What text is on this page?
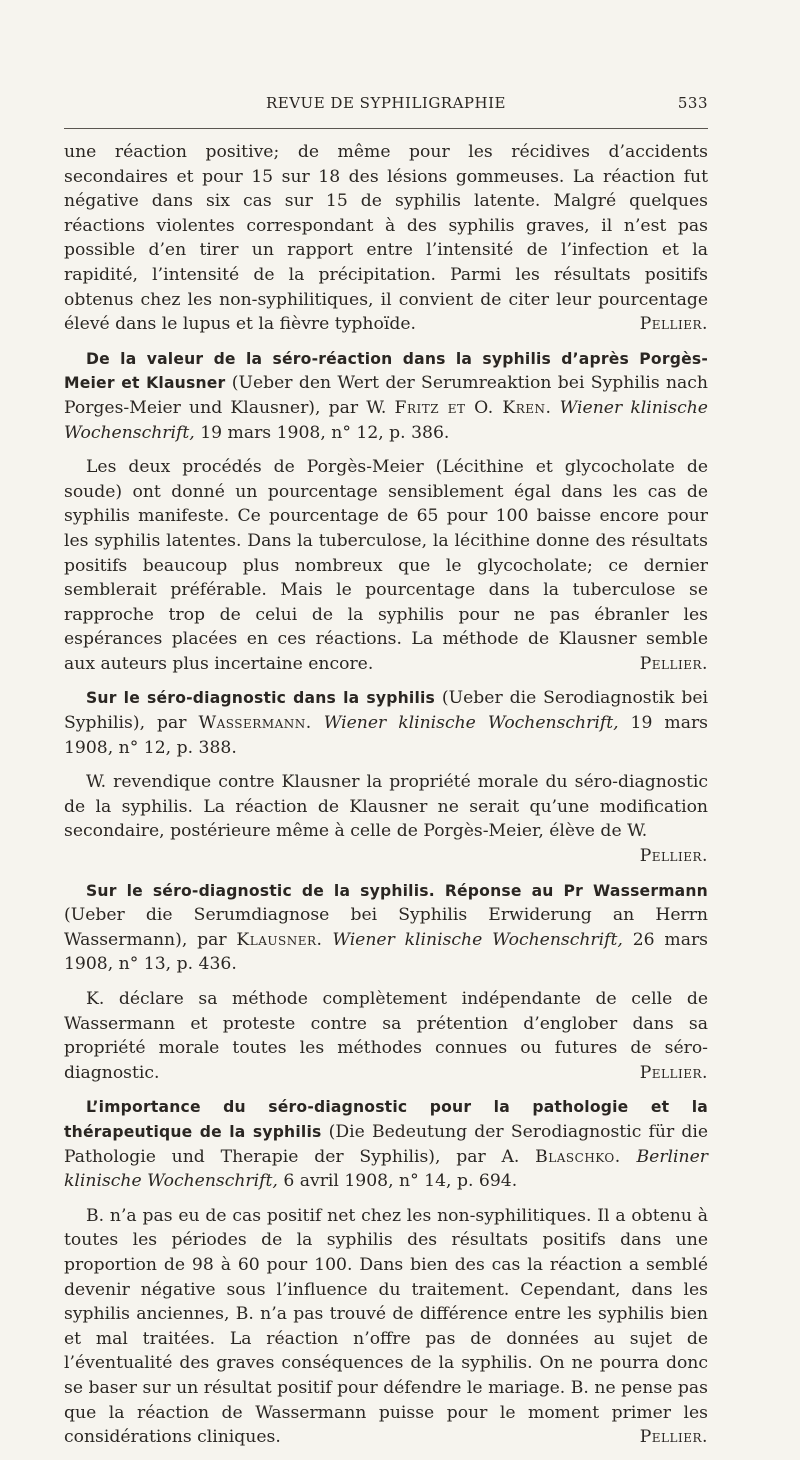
REVUE DE SYPHILIGRAPHIE	533

une réaction positive; de même pour les récidives d’accidents secondaires et pour 15 sur 18 des lésions gommeuses. La réaction fut négative dans six cas sur 15 de syphilis latente. Malgré quelques réactions violentes correspondant à des syphilis graves, il n’est pas possible d’en tirer un rapport entre l’intensité de l’infection et la rapidité, l’intensité de la précipitation. Parmi les résultats positifs obtenus chez les non-syphilitiques, il convient de citer leur pourcentage élevé dans le lupus et la fièvre typhoïde.	Pellier.

De la valeur de la séro-réaction dans la syphilis d’après Porgès-Meier et Klausner (Ueber den Wert der Serumreaktion bei Syphilis nach Porges-Meier und Klausner), par W. Fritz et O. Kren. Wiener klinische Wochenschrift, 19 mars 1908, n° 12, p. 386.

Les deux procédés de Porgès-Meier (Lécithine et glycocholate de soude) ont donné un pourcentage sensiblement égal dans les cas de syphilis manifeste. Ce pourcentage de 65 pour 100 baisse encore pour les syphilis latentes. Dans la tuberculose, la lécithine donne des résultats positifs beaucoup plus nombreux que le glycocholate; ce dernier semblerait préférable. Mais le pourcentage dans la tuberculose se rapproche trop de celui de la syphilis pour ne pas ébranler les espérances placées en ces réactions. La méthode de Klausner semble aux auteurs plus incertaine encore.	Pellier.

Sur le séro-diagnostic dans la syphilis (Ueber die Serodiagnostik bei Syphilis), par Wassermann. Wiener klinische Wochenschrift, 19 mars 1908, n° 12, p. 388.

W. revendique contre Klausner la propriété morale du séro-diagnostic de la syphilis. La réaction de Klausner ne serait qu’une modification secondaire, postérieure même à celle de Porgès-Meier, élève de W.
Pellier.

Sur le séro-diagnostic de la syphilis. Réponse au Pr Wassermann (Ueber die Serumdiagnose bei Syphilis Erwiderung an Herrn Wassermann), par Klausner. Wiener klinische Wochenschrift, 26 mars 1908, n° 13, p. 436.

K. déclare sa méthode complètement indépendante de celle de Wassermann et proteste contre sa prétention d’englober dans sa propriété morale toutes les méthodes connues ou futures de séro-diagnostic.	Pellier.

L’importance du séro-diagnostic pour la pathologie et la thérapeutique de la syphilis (Die Bedeutung der Serodiagnostic für die Pathologie und Therapie der Syphilis), par A. Blaschko. Berliner klinische Wochenschrift, 6 avril 1908, n° 14, p. 694.

B. n’a pas eu de cas positif net chez les non-syphilitiques. Il a obtenu à toutes les périodes de la syphilis des résultats positifs dans une proportion de 98 à 60 pour 100. Dans bien des cas la réaction a semblé devenir négative sous l’influence du traitement. Cependant, dans les syphilis anciennes, B. n’a pas trouvé de différence entre les syphilis bien et mal traitées. La réaction n’offre pas de données au sujet de l’éventualité des graves conséquences de la syphilis. On ne pourra donc se baser sur un résultat positif pour défendre le mariage. B. ne pense pas que la réaction de Wassermann puisse pour le moment primer les considérations cliniques.	Pellier.
